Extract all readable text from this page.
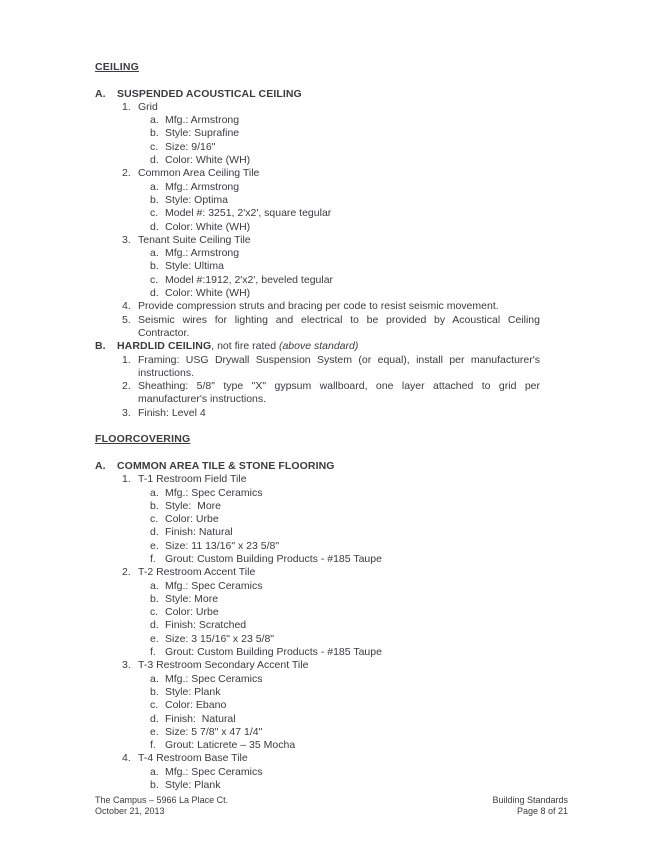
CEILING
A.	SUSPENDED ACOUSTICAL CEILING
1. Grid
a. Mfg.: Armstrong
b. Style: Suprafine
c. Size: 9/16"
d. Color: White (WH)
2. Common Area Ceiling Tile
a. Mfg.: Armstrong
b. Style: Optima
c. Model #: 3251, 2'x2', square tegular
d. Color: White (WH)
3. Tenant Suite Ceiling Tile
a. Mfg.: Armstrong
b. Style: Ultima
c. Model #:1912, 2'x2', beveled tegular
d. Color: White (WH)
4. Provide compression struts and bracing per code to resist seismic movement.
5. Seismic wires for lighting and electrical to be provided by Acoustical Ceiling
Contractor.
B.	HARDLID CEILING, not fire rated (above standard)
1. Framing: USG Drywall Suspension System (or equal), install per manufacturer's
instructions.
2. Sheathing: 5/8" type "X" gypsum wallboard, one layer attached to grid per
manufacturer's instructions.
3. Finish: Level 4
FLOORCOVERING
A.	COMMON AREA TILE & STONE FLOORING
1. T-1 Restroom Field Tile
a. Mfg.: Spec Ceramics
b. Style:  More
c. Color: Urbe
d. Finish: Natural
e. Size: 11 13/16" x 23 5/8"
f. Grout: Custom Building Products - #185 Taupe
2. T-2 Restroom Accent Tile
a. Mfg.: Spec Ceramics
b. Style: More
c. Color: Urbe
d. Finish: Scratched
e. Size: 3 15/16" x 23 5/8"
f. Grout: Custom Building Products - #185 Taupe
3. T-3 Restroom Secondary Accent Tile
a. Mfg.: Spec Ceramics
b. Style: Plank
c. Color: Ebano
d. Finish:  Natural
e. Size: 5 7/8" x 47 1/4"
f. Grout: Laticrete – 35 Mocha
4. T-4 Restroom Base Tile
a. Mfg.: Spec Ceramics
b. Style: Plank
The Campus – 5966 La Place Ct.
October 21, 2013
Building Standards
Page 8 of 21
